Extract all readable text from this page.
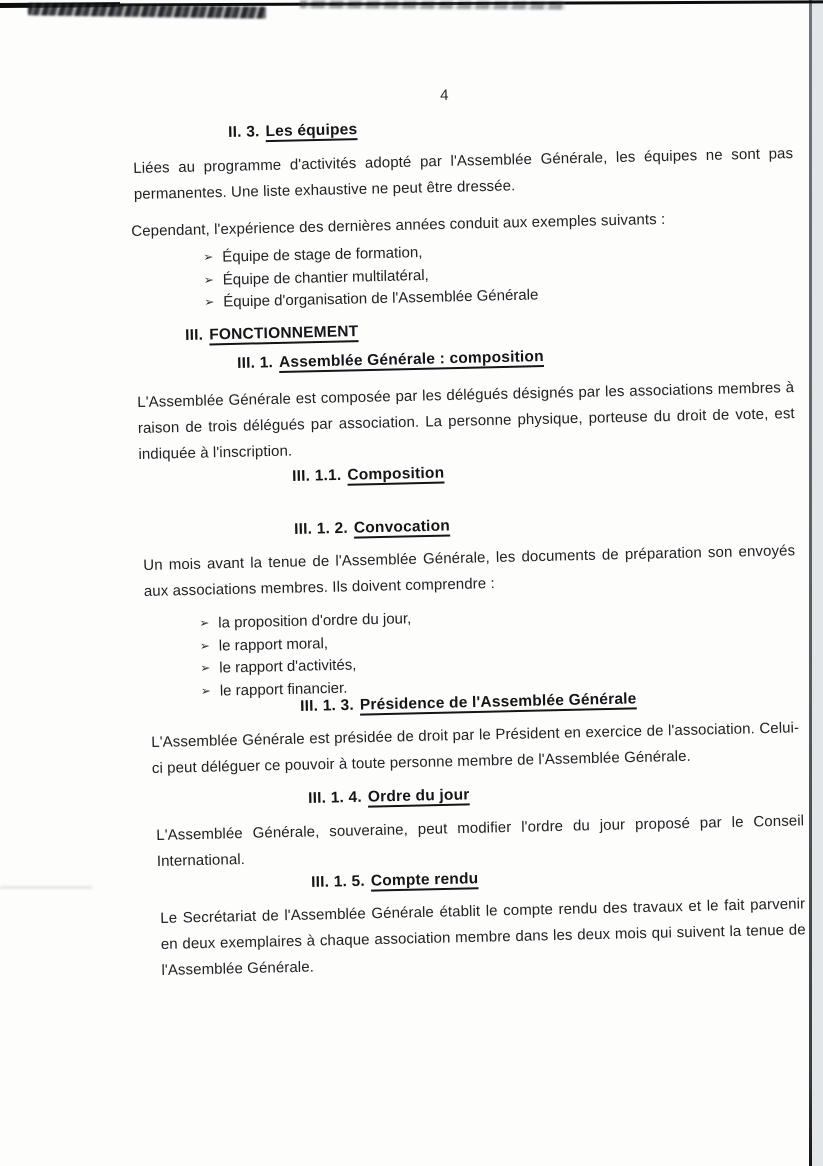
4
II. 3. Les équipes

Liées au programme d'activités adopté par l'Assemblée Générale, les équipes ne sont pas permanentes. Une liste exhaustive ne peut être dressée.

Cependant, l'expérience des dernières années conduit aux exemples suivants :

➢ Équipe de stage de formation,
➢ Équipe de chantier multilatéral,
➢ Équipe d'organisation de l'Assemblée Générale
III. FONCTIONNEMENT
III. 1. Assemblée Générale : composition

L'Assemblée Générale est composée par les délégués désignés par les associations membres à raison de trois délégués par association. La personne physique, porteuse du droit de vote, est indiquée à l'inscription.

III. 1.1. Composition
III. 1. 2. Convocation

Un mois avant la tenue de l'Assemblée Générale, les documents de préparation son envoyés aux associations membres. Ils doivent comprendre :

➢ la proposition d'ordre du jour,
➢ le rapport moral,
➢ le rapport d'activités,
➢ le rapport financier.
III. 1. 3. Présidence de l'Assemblée Générale

L'Assemblée Générale est présidée de droit par le Président en exercice de l'association. Celui-ci peut déléguer ce pouvoir à toute personne membre de l'Assemblée Générale.

III. 1. 4. Ordre du jour

L'Assemblée Générale, souveraine, peut modifier l'ordre du jour proposé par le Conseil International.

III. 1. 5. Compte rendu

Le Secrétariat de l'Assemblée Générale établit le compte rendu des travaux et le fait parvenir en deux exemplaires à chaque association membre dans les deux mois qui suivent la tenue de l'Assemblée Générale.
